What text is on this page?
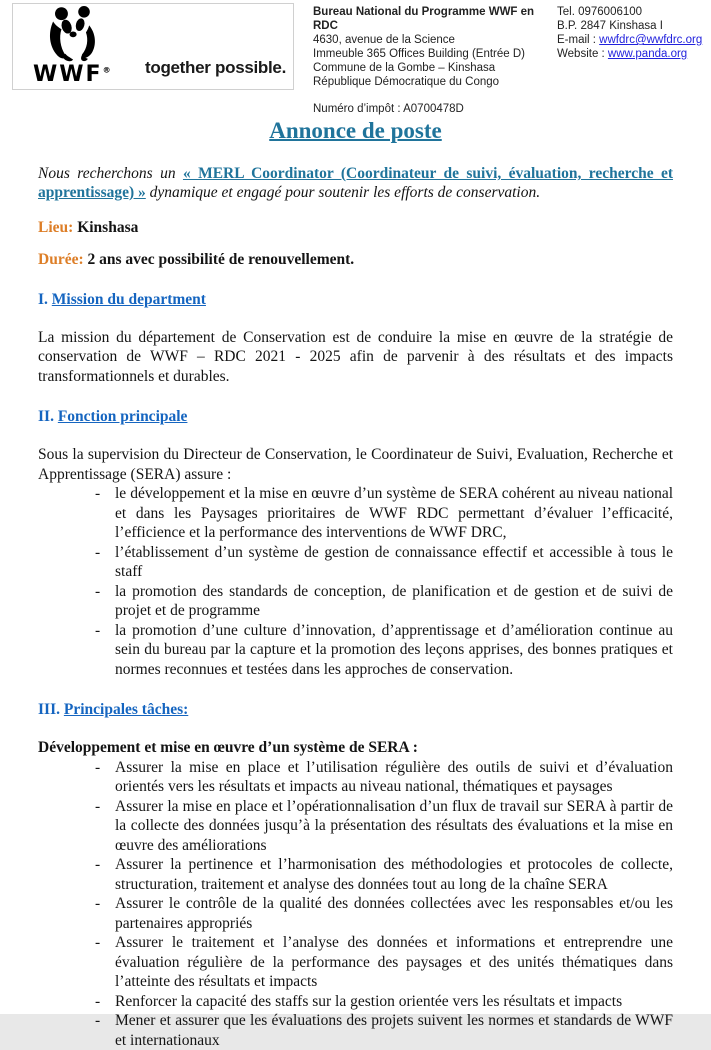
WWF® together possible.
Bureau National du Programme WWF en RDC
4630, avenue de la Science
Immeuble 365 Offices Building (Entrée D)
Commune de la Gombe – Kinshasa
République Démocratique du Congo
Numéro d’impôt : A0700478D
Tel. 0976006100
B.P. 2847 Kinshasa I
E-mail : wwfdrc@wwfdrc.org
Website : www.panda.org
Annonce de poste

Nous recherchons un « MERL Coordinator (Coordinateur de suivi, évaluation, recherche et apprentissage) » dynamique et engagé pour soutenir les efforts de conservation.

Lieu: Kinshasa
Durée: 2 ans avec possibilité de renouvellement.
I. Mission du department

La mission du département de Conservation est de conduire la mise en œuvre de la stratégie de conservation de WWF – RDC 2021 - 2025 afin de parvenir à des résultats et des impacts transformationnels et durables.

II. Fonction principale

Sous la supervision du Directeur de Conservation, le Coordinateur de Suivi, Evaluation, Recherche et Apprentissage (SERA) assure :

- le développement et la mise en œuvre d’un système de SERA cohérent au niveau national et dans les Paysages prioritaires de WWF RDC permettant d’évaluer l’efficacité, l’efficience et la performance des interventions de WWF DRC,
- l’établissement d’un système de gestion de connaissance effectif et accessible à tous le staff
- la promotion des standards de conception, de planification et de gestion et de suivi de projet et de programme
- la promotion d’une culture d’innovation, d’apprentissage et d’amélioration continue au sein du bureau par la capture et la promotion des leçons apprises, des bonnes pratiques et normes reconnues et testées dans les approches de conservation.
III. Principales tâches:
Développement et mise en œuvre d’un système de SERA :
- Assurer la mise en place et l’utilisation régulière des outils de suivi et d’évaluation orientés vers les résultats et impacts au niveau national, thématiques et paysages
- Assurer la mise en place et l’opérationnalisation d’un flux de travail sur SERA à partir de la collecte des données jusqu’à la présentation des résultats des évaluations et la mise en œuvre des améliorations
- Assurer la pertinence et l’harmonisation des méthodologies et protocoles de collecte, structuration, traitement et analyse des données tout au long de la chaîne SERA
- Assurer le contrôle de la qualité des données collectées avec les responsables et/ou les partenaires appropriés
- Assurer le traitement et l’analyse des données et informations et entreprendre une évaluation régulière de la performance des paysages et des unités thématiques dans l’atteinte des résultats et impacts
- Renforcer la capacité des staffs sur la gestion orientée vers les résultats et impacts
- Mener et assurer que les évaluations des projets suivent les normes et standards de WWF et internationaux
